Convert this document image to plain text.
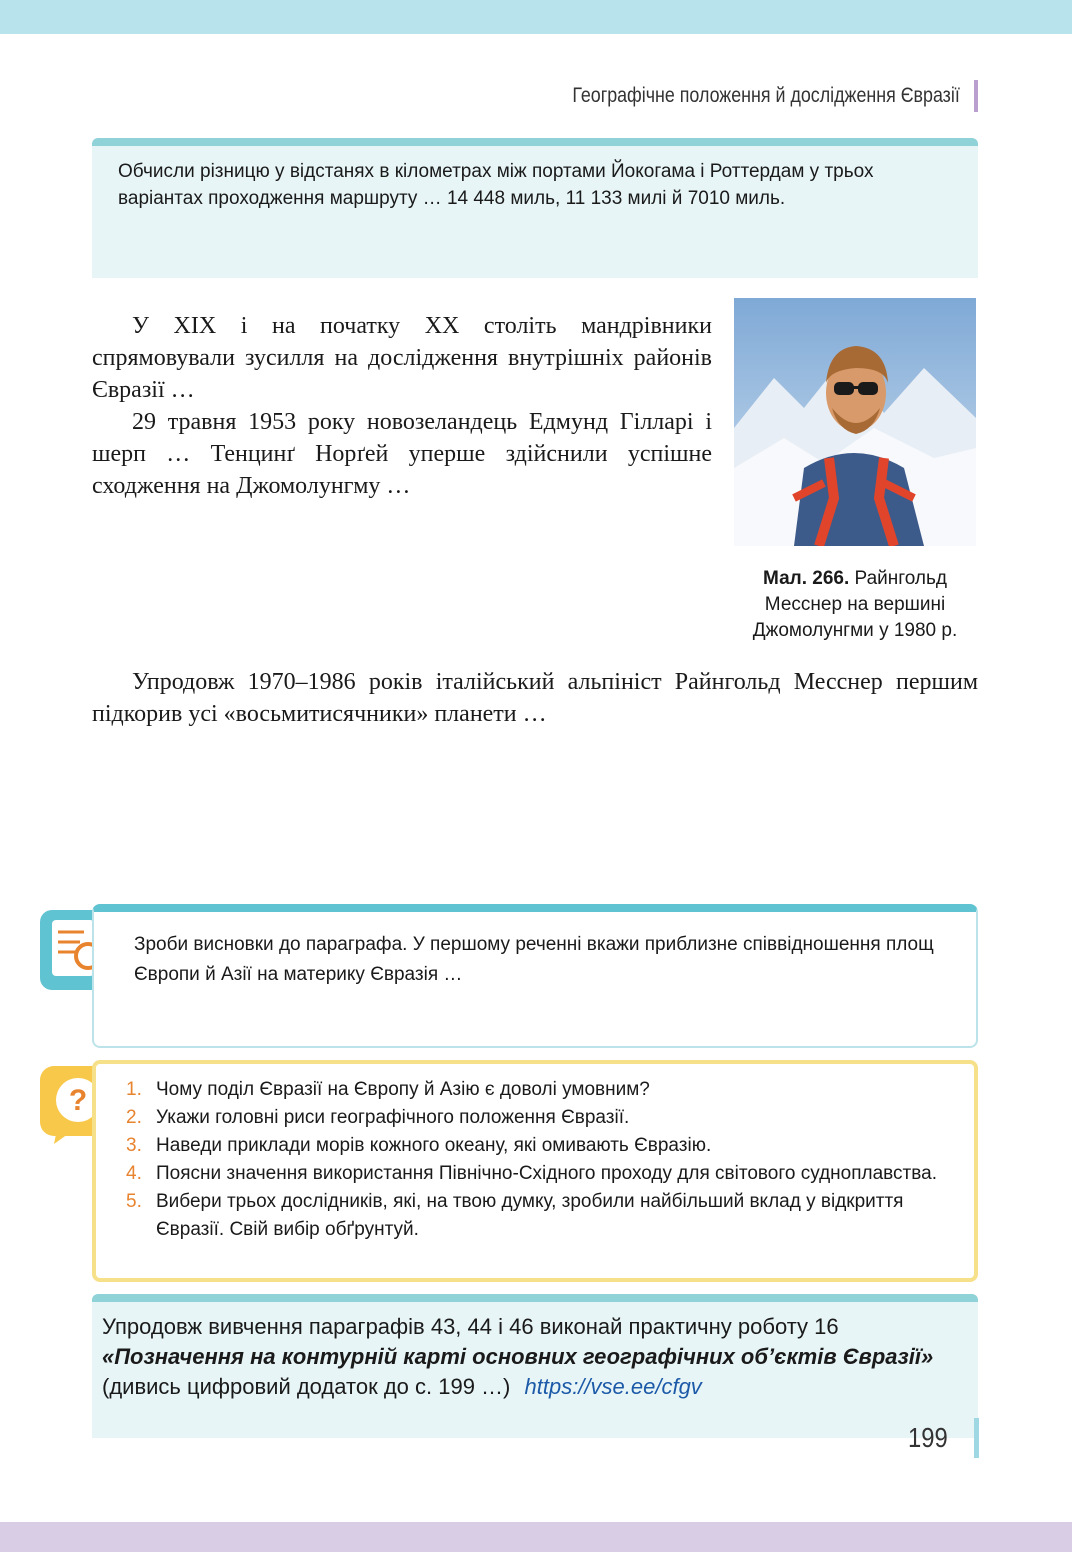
Географічне положення й дослідження Євразії
Обчисли різницю у відстанях в кілометрах між портами Йокогама і Роттердам у трьох варіантах проходження маршруту … 14 448 миль, 11 133 милі й 7010 миль.
У XIX і на початку XX століть мандрівники спрямовували зусилля на дослідження внутрішніх районів Євразії …
29 травня 1953 року новозеландець Едмунд Гілларі і шерп … Тенцинґ Норґей уперше здійснили успішне сходження на Джомолунгму …
Мал. 266. Райнгольд Месснер на вершині Джомолунгми у 1980 р.
Упродовж 1970–1986 років італійський альпініст Райнгольд Месснер першим підкорив усі «восьмитисячники» планети …
Зроби висновки до параграфа. У першому реченні вкажи приблизне співвідношення площ Європи й Азії на материку Євразія …
? 1. Чому поділ Євразії на Європу й Азію є доволі умовним?
2. Укажи головні риси географічного положення Євразії.
3. Наведи приклади морів кожного океану, які омивають Євразію.
4. Поясни значення використання Північно-Східного проходу для світового судноплавства.
5. Вибери трьох дослідників, які, на твою думку, зробили найбільший вклад у відкриття Євразії. Свій вибір обґрунтуй.
Упродовж вивчення параграфів 43, 44 і 46 виконай практичну роботу 16 «Позначення на контурній карті основних географічних об’єктів Євразії» (дивись цифровий додаток до с. 199 …) https://vse.ee/cfgv
199
